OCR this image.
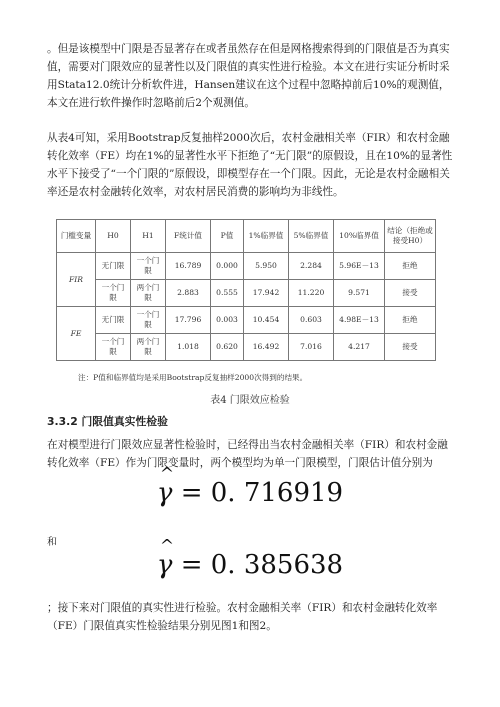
。但是该模型中门限是否显著存在或者虽然存在但是网格搜索得到的门限值是否为真实值，需要对门限效应的显著性以及门限值的真实性进行检验。本文在进行实证分析时采用Stata12.0统计分析软件进，Hansen建议在这个过程中忽略掉前后10%的观测值，本文在进行软件操作时忽略前后2个观测值。

从表4可知，采用Bootstrap反复抽样2000次后，农村金融相关率（FIR）和农村金融转化效率（FE）均在1%的显著性水平下拒绝了“无门限”的原假设，且在10%的显著性水平下接受了“一个门限的”原假设，即模型存在一个门限。因此，无论是农村金融相关率还是农村金融转化效率，对农村居民消费的影响均为非线性。

门槛变量	H0	H1	F统计值	P值	1%临界值	5%临界值	10%临界值	结论（拒绝或接受H0）
FIR	无门限	一个门限	16.789	0.000	5.950	2.284	5.96E－13	拒绝
	一个门限	两个门限	2.883	0.555	17.942	11.220	9.571	接受
FE	无门限	一个门限	17.796	0.003	10.454	0.603	4.98E－13	拒绝
	一个门限	两个门限	1.018	0.620	16.492	7.016	4.217	接受
注：P值和临界值均是采用Bootstrap反复抽样2000次得到的结果。
表4 门限效应检验
3.3.2 门限值真实性检验

在对模型进行门限效应显著性检验时，已经得出当农村金融相关率（FIR）和农村金融转化效率（FE）作为门限变量时，两个模型均为单一门限模型，门限估计值分别为

^ γ = 0. 716919
和
^ γ = 0. 385638

；接下来对门限值的真实性进行检验。农村金融相关率（FIR）和农村金融转化效率（FE）门限值真实性检验结果分别见图1和图2。
